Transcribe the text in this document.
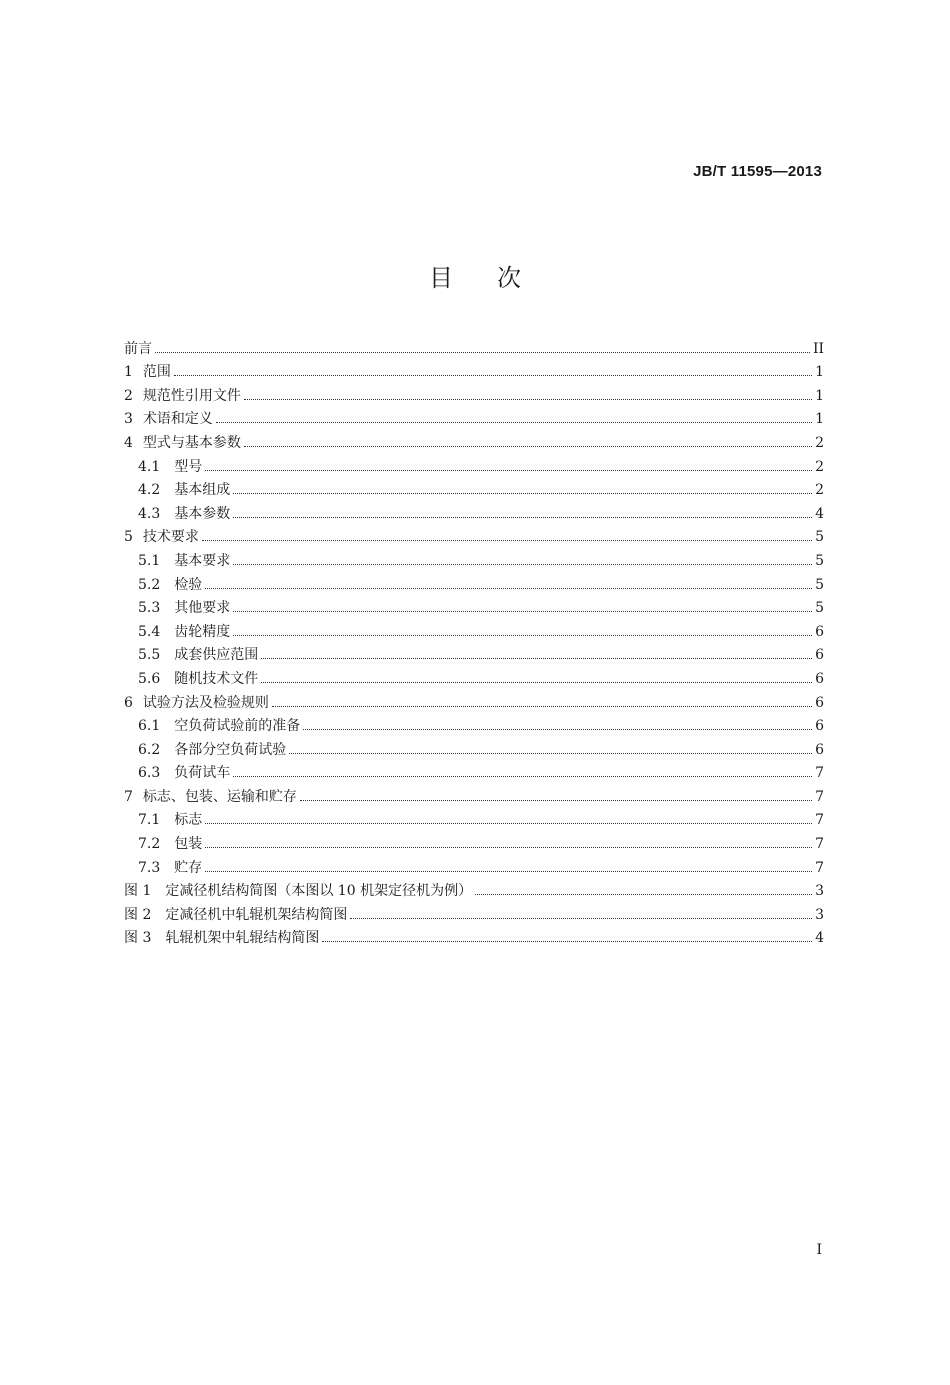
JB/T 11595—2013
目次
前言	II
1 范围	1
2 规范性引用文件	1
3 术语和定义	1
4 型式与基本参数	2
4.1 型号	2
4.2 基本组成	2
4.3 基本参数	4
5 技术要求	5
5.1 基本要求	5
5.2 检验	5
5.3 其他要求	5
5.4 齿轮精度	6
5.5 成套供应范围	6
5.6 随机技术文件	6
6 试验方法及检验规则	6
6.1 空负荷试验前的准备	6
6.2 各部分空负荷试验	6
6.3 负荷试车	7
7 标志、包装、运输和贮存	7
7.1 标志	7
7.2 包装	7
7.3 贮存	7
图 1 定减径机结构简图（本图以 10 机架定径机为例）	3
图 2 定减径机中轧辊机架结构简图	3
图 3 轧辊机架中轧辊结构简图	4
I
